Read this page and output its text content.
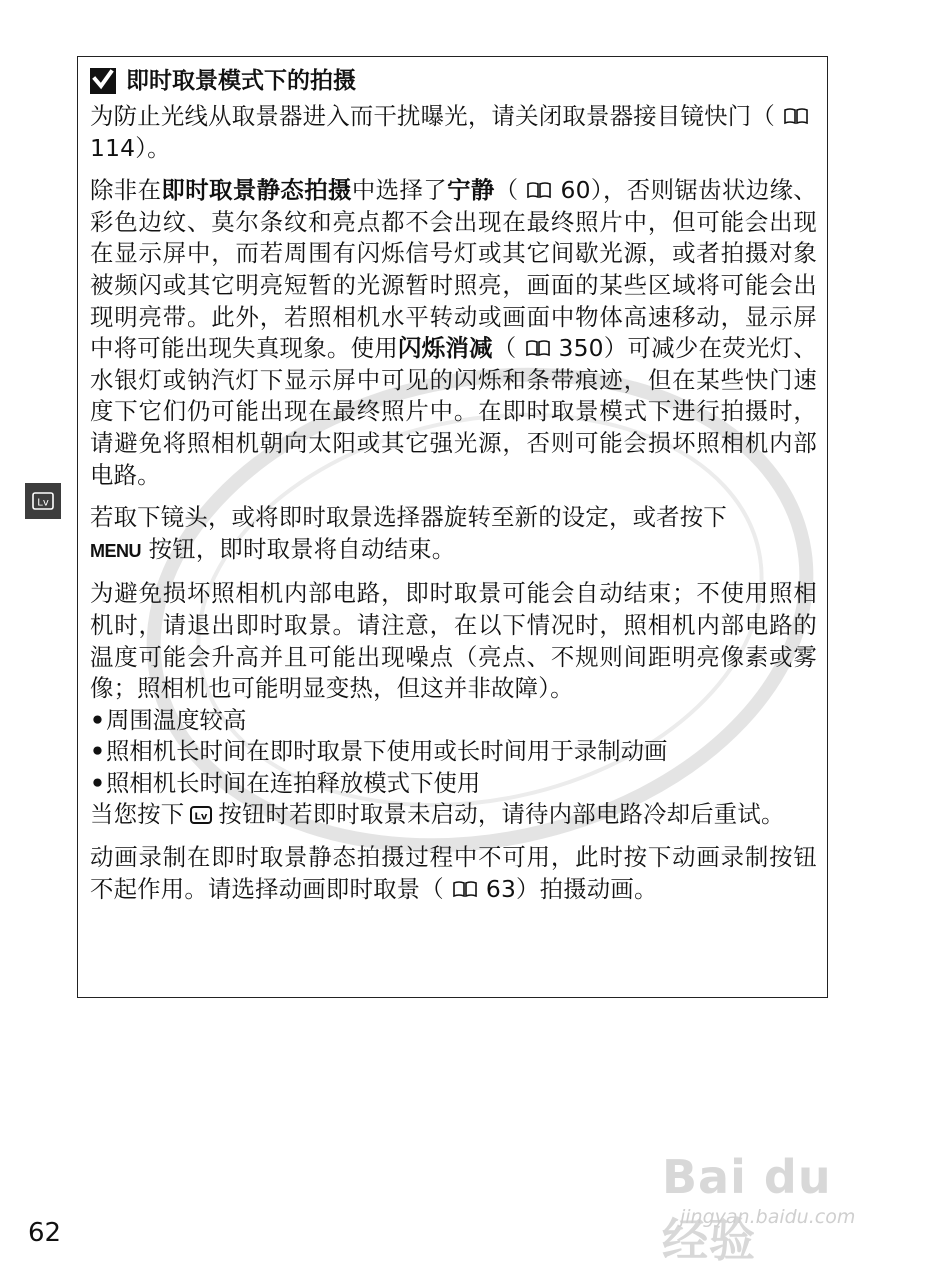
Lv
即时取景模式下的拍摄

为防止光线从取景器进入而干扰曝光，请关闭取景器接目镜快门（114）。

除非在即时取景静态拍摄中选择了宁静（ 60），否则锯齿状边缘、彩色边纹、莫尔条纹和亮点都不会出现在最终照片中，但可能会出现在显示屏中，而若周围有闪烁信号灯或其它间歇光源，或者拍摄对象被频闪或其它明亮短暂的光源暂时照亮，画面的某些区域将可能会出现明亮带。此外，若照相机水平转动或画面中物体高速移动，显示屏中将可能出现失真现象。使用闪烁消减（ 350）可减少在荧光灯、水银灯或钠汽灯下显示屏中可见的闪烁和条带痕迹，但在某些快门速度下它们仍可能出现在最终照片中。在即时取景模式下进行拍摄时，请避免将照相机朝向太阳或其它强光源，否则可能会损坏照相机内部电路。

若取下镜头，或将即时取景选择器旋转至新的设定，或者按下
MENU 按钮，即时取景将自动结束。

为避免损坏照相机内部电路，即时取景可能会自动结束；不使用照相机时，请退出即时取景。请注意，在以下情况时，照相机内部电路的温度可能会升高并且可能出现噪点（亮点、不规则间距明亮像素或雾像；照相机也可能明显变热，但这并非故障）。

•周围温度较高
•照相机长时间在即时取景下使用或长时间用于录制动画
•照相机长时间在连拍释放模式下使用

当您按下 Lv 按钮时若即时取景未启动，请待内部电路冷却后重试。

动画录制在即时取景静态拍摄过程中不可用，此时按下动画录制按钮不起作用。请选择动画即时取景（ 63）拍摄动画。

Bai du 经验
jingyan.baidu.com
62
